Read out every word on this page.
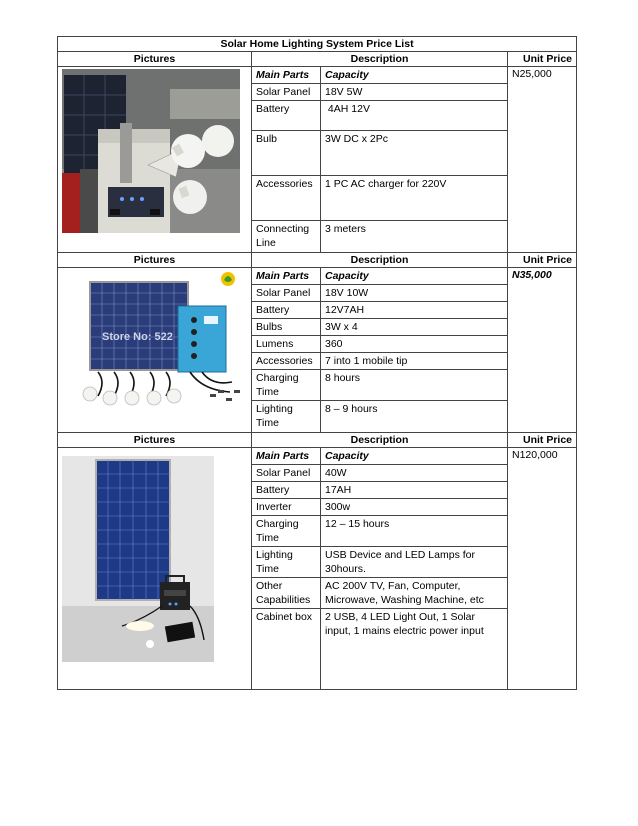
Solar Home Lighting System Price List
Pictures	Description	Unit Price

Main Parts	Capacity
Solar Panel	18V 5W
Battery	4AH 12V
Bulb	3W DC x 2Pc
Accessories	1 PC AC charger for 220V
Connecting Line	3 meters
	N25,000
Pictures	Description	Unit Price

Store No: 522

Main Parts	Capacity
Solar Panel	18V 10W
Battery	12V7AH
Bulbs	3W x 4
Lumens	360
Accessories	7 into 1 mobile tip
Charging Time	8 hours
Lighting Time	8 – 9 hours
	N35,000
Pictures	Description	Unit Price

Main Parts	Capacity
Solar Panel	40W
Battery	17AH
Inverter	300w
Charging Time	12 – 15 hours
Lighting Time	USB Device and LED Lamps for 30hours.
Other Capabilities	AC 200V TV, Fan, Computer, Microwave, Washing Machine, etc
Cabinet box	2 USB, 4 LED Light Out, 1 Solar input, 1 mains electric power input
	N120,000
